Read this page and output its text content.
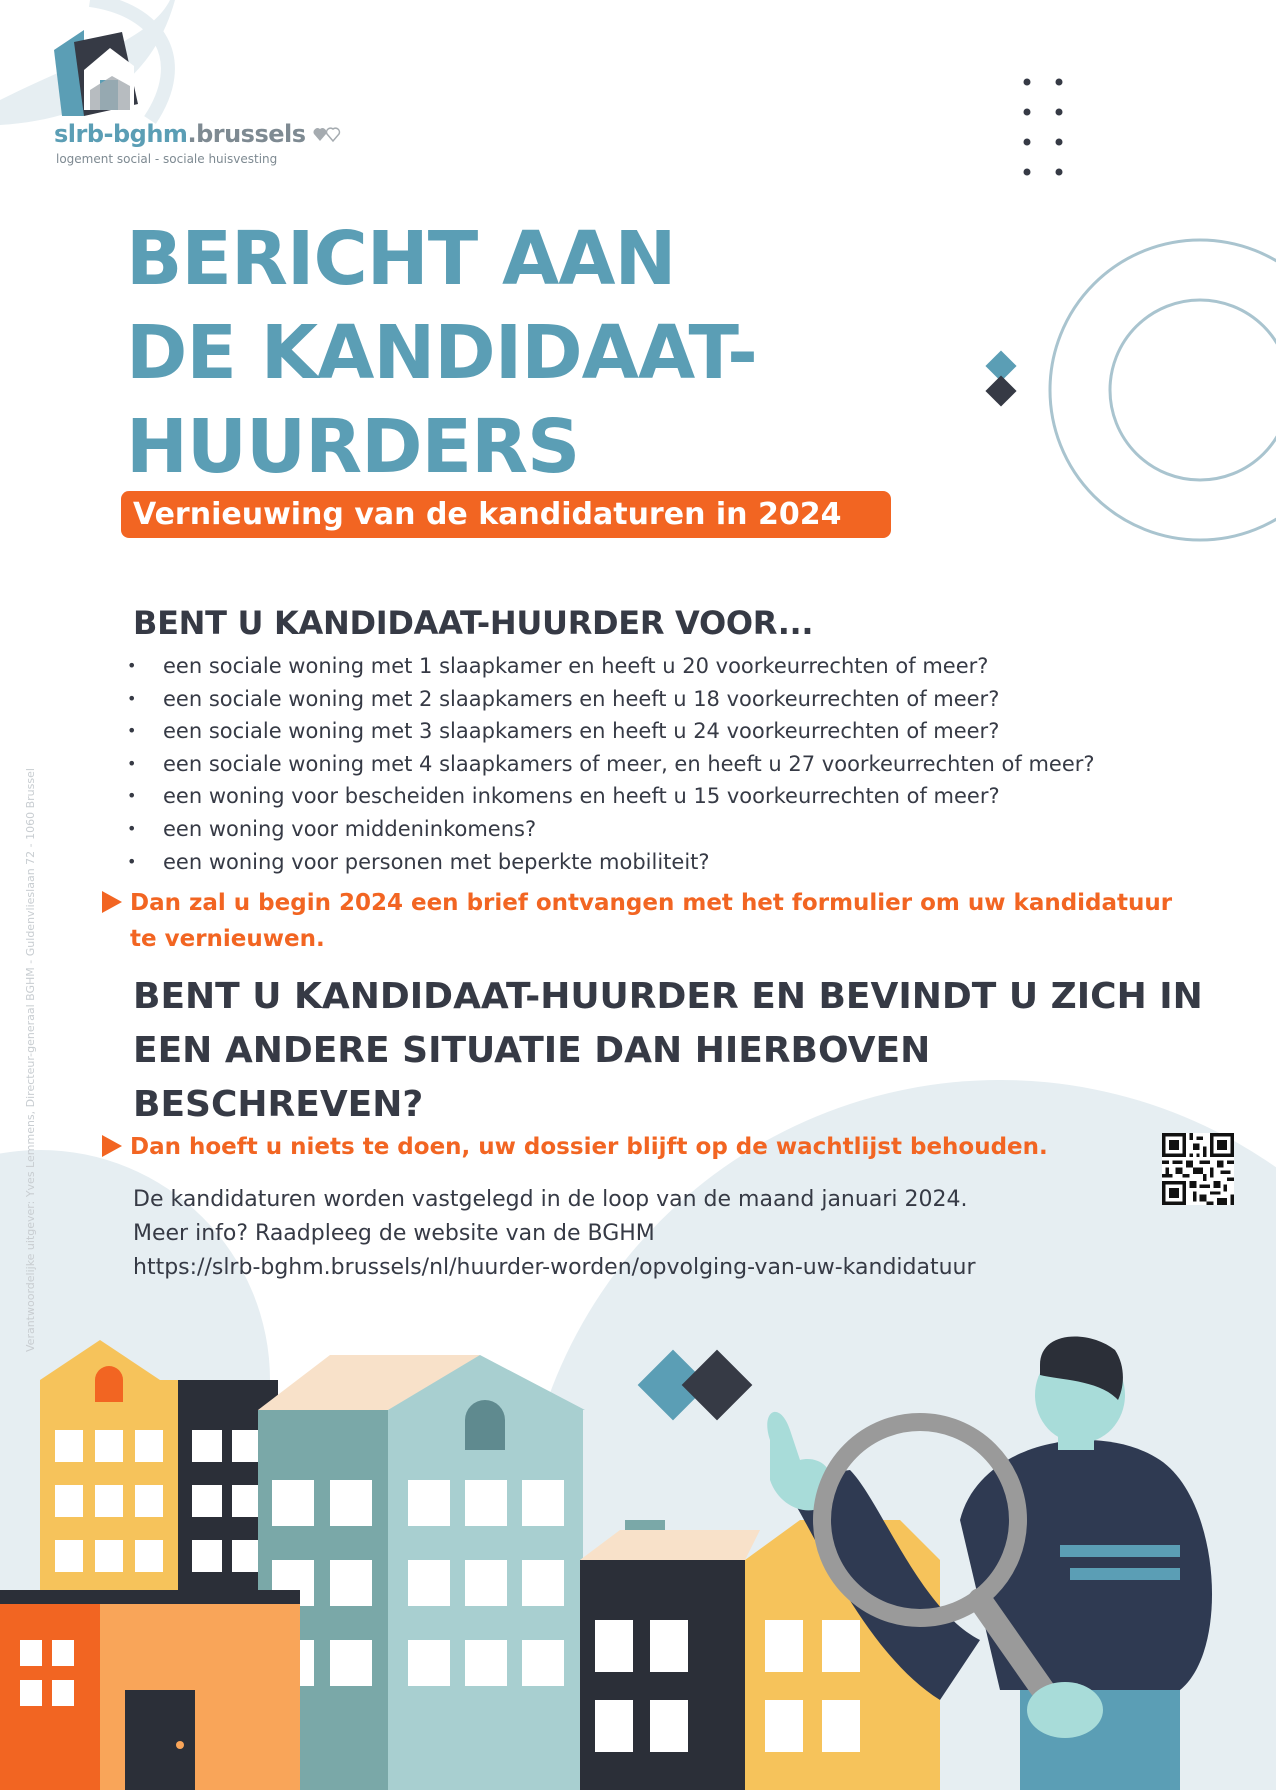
slrb-bghm.brussels
logement social - sociale huisvesting
BERICHT AAN
DE KANDIDAAT-
HUURDERS
Vernieuwing van de kandidaturen in 2024
BENT U KANDIDAAT-HUURDER VOOR...
• een sociale woning met 1 slaapkamer en heeft u 20 voorkeurrechten of meer?
• een sociale woning met 2 slaapkamers en heeft u 18 voorkeurrechten of meer?
• een sociale woning met 3 slaapkamers en heeft u 24 voorkeurrechten of meer?
• een sociale woning met 4 slaapkamers of meer, en heeft u 27 voorkeurrechten of meer?
• een woning voor bescheiden inkomens en heeft u 15 voorkeurrechten of meer?
• een woning voor middeninkomens?
• een woning voor personen met beperkte mobiliteit?
Dan zal u begin 2024 een brief ontvangen met het formulier om uw kandidatuur
te vernieuwen.
BENT U KANDIDAAT-HUURDER EN BEVINDT U ZICH IN
EEN ANDERE SITUATIE DAN HIERBOVEN
BESCHREVEN?
Dan hoeft u niets te doen, uw dossier blijft op de wachtlijst behouden.
De kandidaturen worden vastgelegd in de loop van de maand januari 2024.
Meer info? Raadpleeg de website van de BGHM
https://slrb-bghm.brussels/nl/huurder-worden/opvolging-van-uw-kandidatuur
Verantwoordelijke uitgever: Yves Lemmens, Directeur-generaal BGHM - Guldenvlieslaan 72 - 1060 Brussel
